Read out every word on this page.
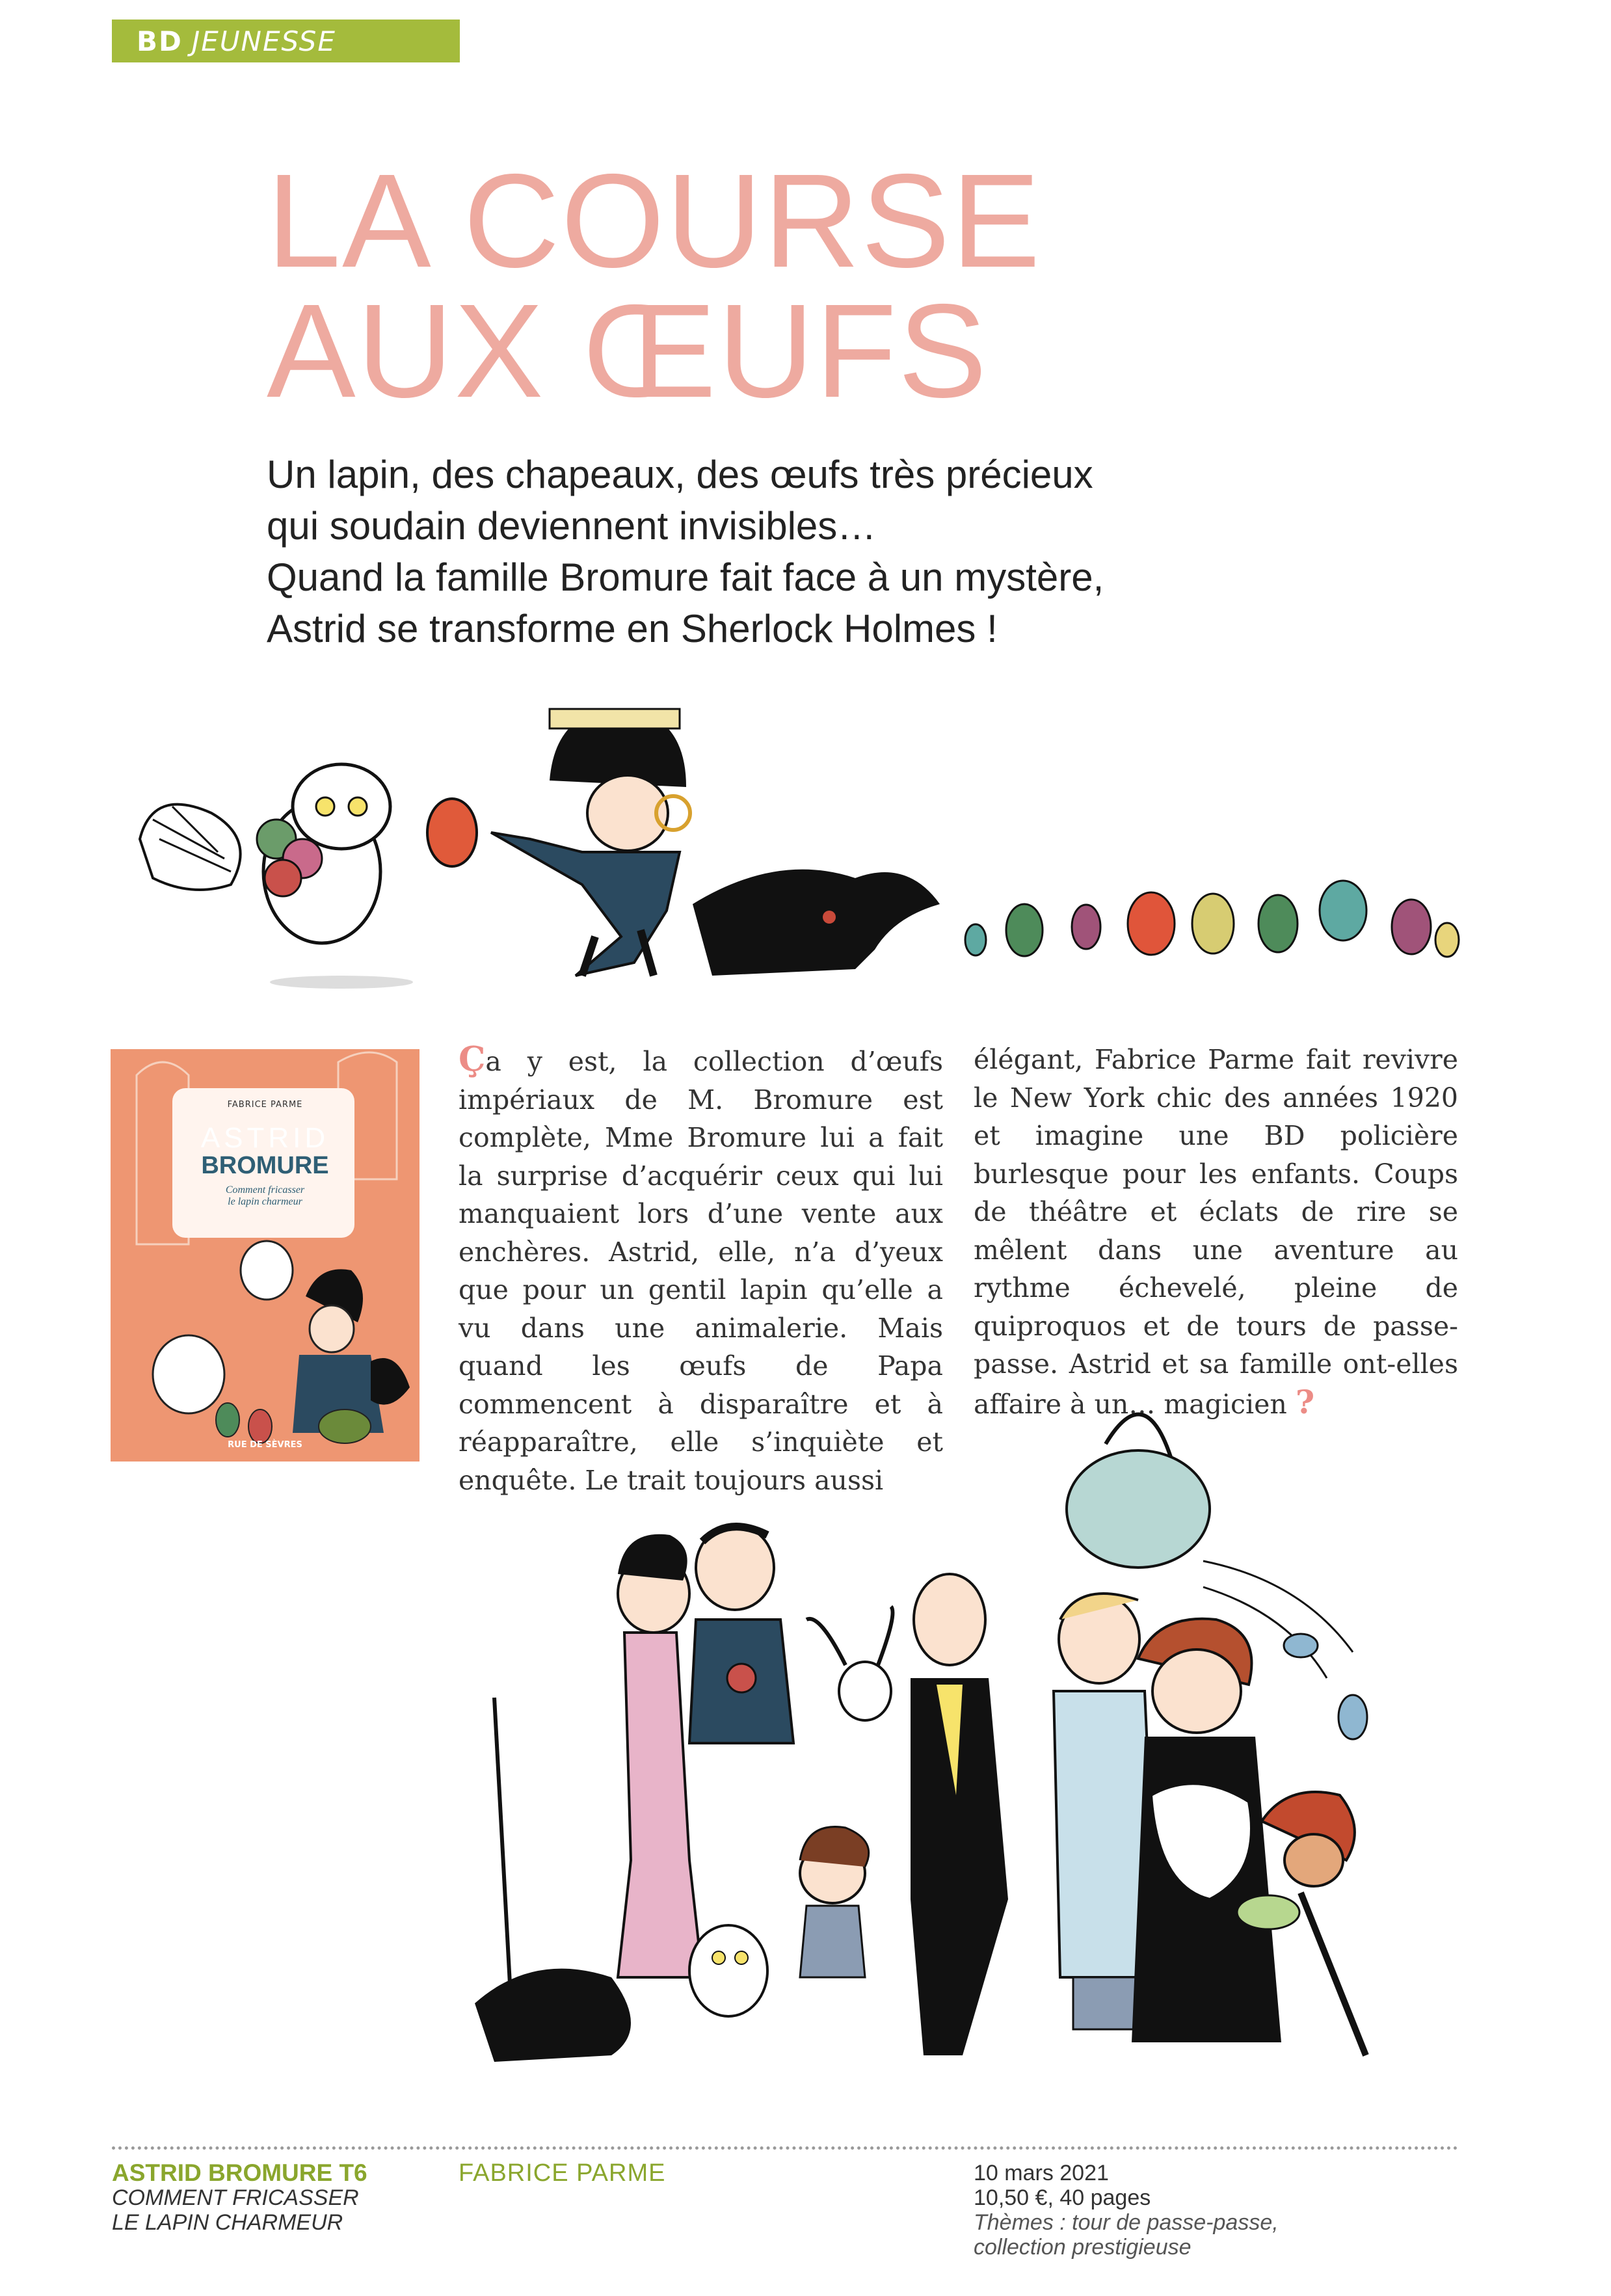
BD JEUNESSE
LA COURSE
AUX ŒUFS
Un lapin, des chapeaux, des œufs très précieux
qui soudain deviennent invisibles…
Quand la famille Bromure fait face à un mystère,
Astrid se transforme en Sherlock Holmes !
FABRICE PARME
ASTRID
BROMURE
Comment fricasser
le lapin charmeur
RUE DE SÈVRES
Ça y est, la collection d’œufs impériaux de M. Bromure est complète, Mme Bromure lui a fait la surprise d’acquérir ceux qui lui manquaient lors d’une vente aux enchères. Astrid, elle, n’a d’yeux que pour un gentil lapin qu’elle a vu dans une animalerie. Mais quand les œufs de Papa commencent à disparaître et à réapparaître, elle s’inquiète et enquête. Le trait toujours aussi
élégant, Fabrice Parme fait revivre le New York chic des années 1920 et imagine une BD policière burlesque pour les enfants. Coups de théâtre et éclats de rire se mêlent dans une aventure au rythme échevelé, pleine de quiproquos et de tours de passe-passe. Astrid et sa famille ont-elles affaire à un… magicien ?
ASTRID BROMURE T6
COMMENT FRICASSER
LE LAPIN CHARMEUR
FABRICE PARME	10 mars 2021
10,50 €, 40 pages
Thèmes : tour de passe-passe,
collection prestigieuse
